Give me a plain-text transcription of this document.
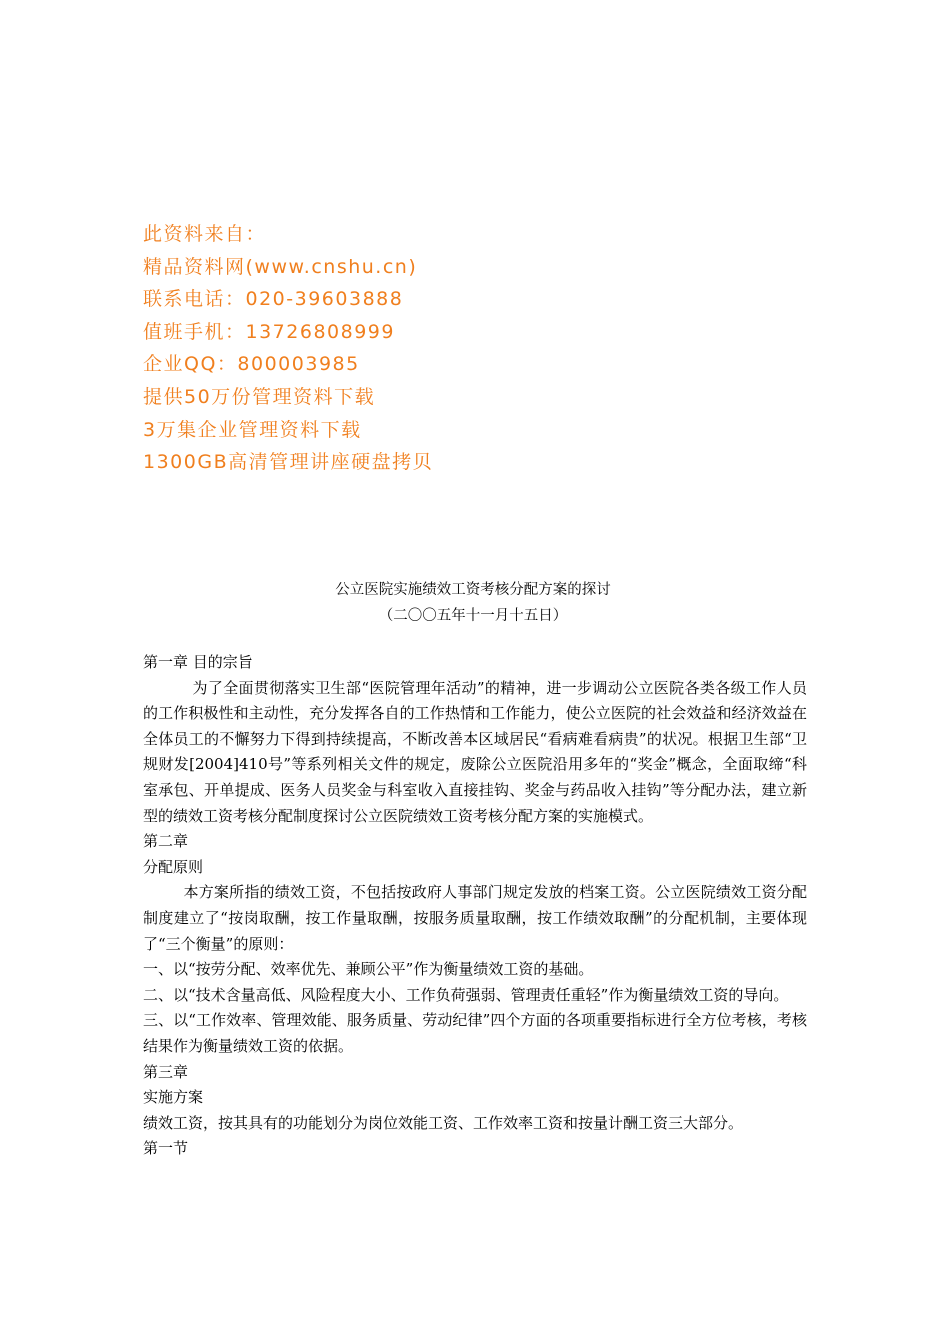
此资料来自：
精品资料网(www.cnshu.cn)
联系电话：020-39603888
值班手机：13726808999
企业QQ：800003985
提供50万份管理资料下载
3万集企业管理资料下载
1300GB高清管理讲座硬盘拷贝
公立医院实施绩效工资考核分配方案的探讨
（二〇〇五年十一月十五日）

第一章 目的宗旨

为了全面贯彻落实卫生部“医院管理年活动”的精神，进一步调动公立医院各类各级工作人员的工作积极性和主动性，充分发挥各自的工作热情和工作能力，使公立医院的社会效益和经济效益在全体员工的不懈努力下得到持续提高，不断改善本区域居民“看病难看病贵”的状况。根据卫生部“卫规财发[2004]410号”等系列相关文件的规定，废除公立医院沿用多年的“奖金”概念，全面取缔“科室承包、开单提成、医务人员奖金与科室收入直接挂钩、奖金与药品收入挂钩”等分配办法，建立新型的绩效工资考核分配制度探讨公立医院绩效工资考核分配方案的实施模式。

第二章

分配原则

本方案所指的绩效工资，不包括按政府人事部门规定发放的档案工资。公立医院绩效工资分配制度建立了“按岗取酬，按工作量取酬，按服务质量取酬，按工作绩效取酬”的分配机制，主要体现了“三个衡量”的原则：

一、以“按劳分配、效率优先、兼顾公平”作为衡量绩效工资的基础。

二、以“技术含量高低、风险程度大小、工作负荷强弱、管理责任重轻”作为衡量绩效工资的导向。

三、以“工作效率、管理效能、服务质量、劳动纪律”四个方面的各项重要指标进行全方位考核，考核结果作为衡量绩效工资的依据。

第三章

实施方案

绩效工资，按其具有的功能划分为岗位效能工资、工作效率工资和按量计酬工资三大部分。

第一节
